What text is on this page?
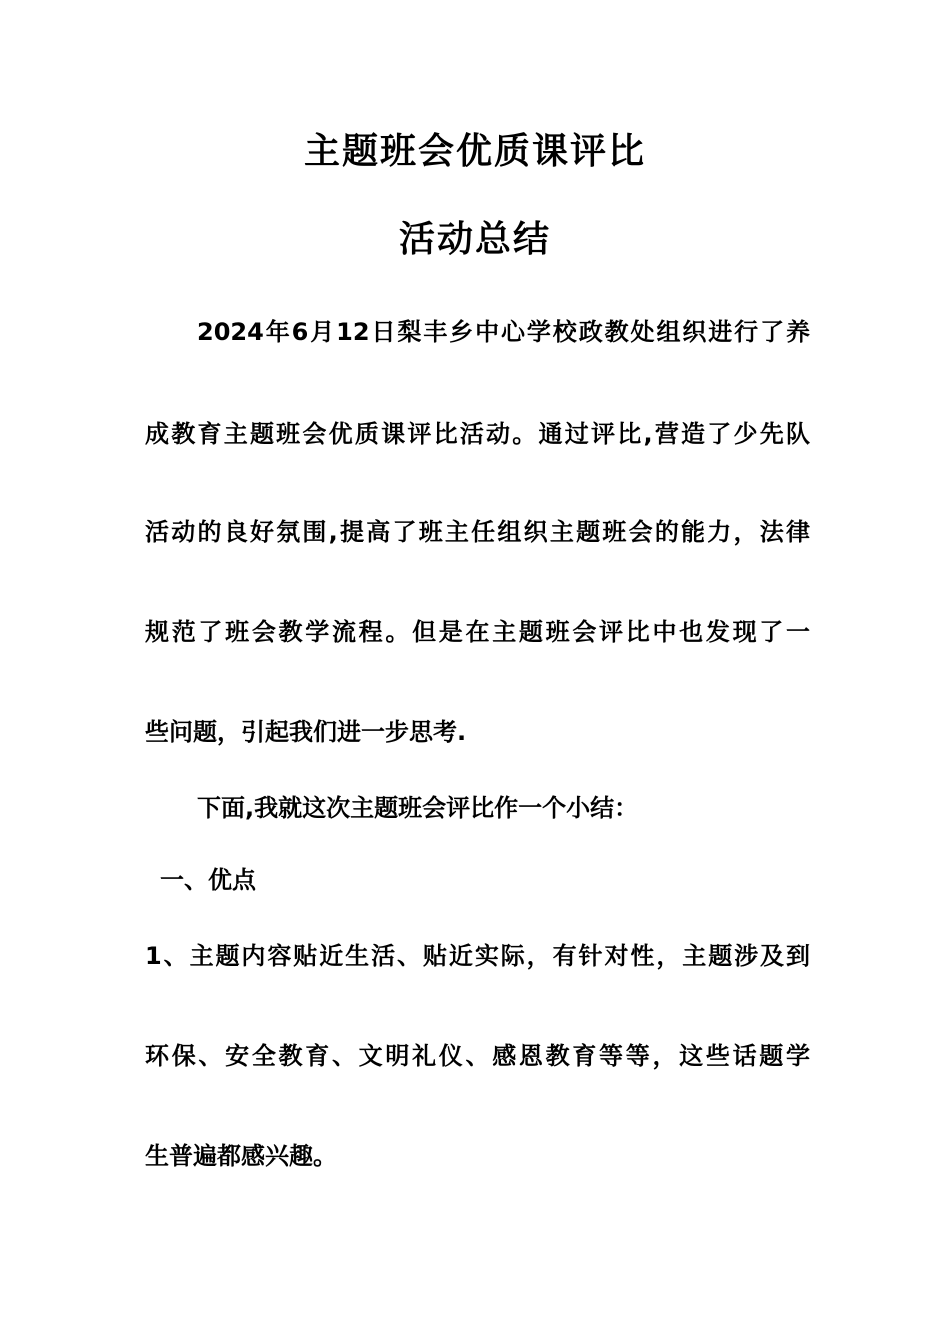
主题班会优质课评比
活动总结
2024年6月12日梨丰乡中心学校政教处组织进行了养
成教育主题班会优质课评比活动。通过评比,营造了少先队
活动的良好氛围,提高了班主任组织主题班会的能力，法律
规范了班会教学流程。但是在主题班会评比中也发现了一
些问题，引起我们进一步思考.
下面,我就这次主题班会评比作一个小结：
一、优点
1、主题内容贴近生活、贴近实际，有针对性，主题涉及到
环保、安全教育、文明礼仪、感恩教育等等，这些话题学
生普遍都感兴趣。
